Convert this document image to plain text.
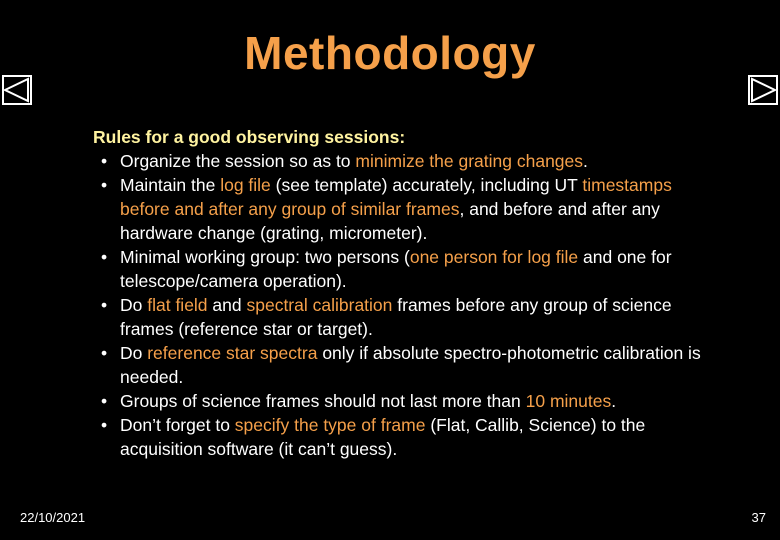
Methodology
Rules for a good observing sessions:
• Organize the session so as to minimize the grating changes.
• Maintain the log file (see template) accurately, including UT timestamps before and after any group of similar frames, and before and after any hardware change (grating, micrometer).
• Minimal working group: two persons (one person for log file and one for telescope/camera operation).
• Do flat field and spectral calibration frames before any group of science frames (reference star or target).
• Do reference star spectra only if absolute spectro-photometric calibration is needed.
• Groups of science frames should not last more than 10 minutes.
• Don’t forget to specify the type of frame (Flat, Callib, Science) to the acquisition software (it can’t guess).
22/10/2021	37
